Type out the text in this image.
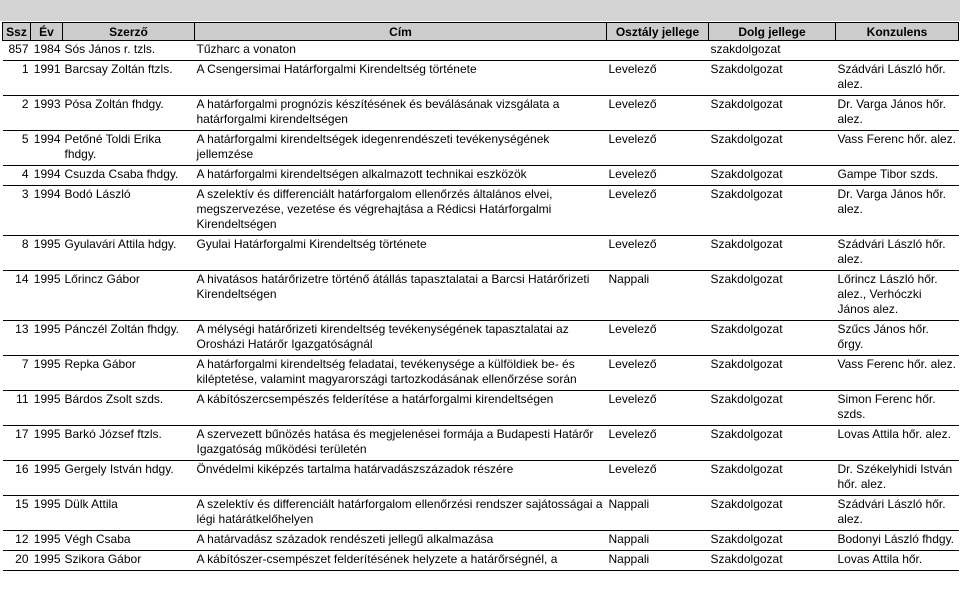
Ssz	Év	Szerző	Cím	Osztály jellege	Dolg jellege	Konzulens
857	1984	Sós János r. tzls.	Tűzharc a vonaton		szakdolgozat	
1	1991	Barcsay Zoltán ftzls.	A Csengersimai Határforgalmi Kirendeltség története	Levelező	Szakdolgozat	Szádvári László hőr. alez.
2	1993	Pósa Zoltán fhdgy.	A határforgalmi prognózis készítésének és beválásának vizsgálata a határforgalmi kirendeltségen	Levelező	Szakdolgozat	Dr. Varga János hőr. alez.
5	1994	Petőné Toldi Erika fhdgy.	A határforgalmi kirendeltségek idegenrendészeti tevékenységének jellemzése	Levelező	Szakdolgozat	Vass Ferenc hőr. alez.
4	1994	Csuzda Csaba fhdgy.	A határforgalmi kirendeltségen alkalmazott technikai eszközök	Levelező	Szakdolgozat	Gampe Tibor szds.
3	1994	Bodó László	A szelektív és differenciált határforgalom ellenőrzés általános elvei, megszervezése, vezetése és végrehajtása a Rédicsi Határforgalmi Kirendeltségen	Levelező	Szakdolgozat	Dr. Varga János hőr. alez.
8	1995	Gyulavári Attila hdgy.	Gyulai Határforgalmi Kirendeltség története	Levelező	Szakdolgozat	Szádvári László hőr. alez.
14	1995	Lőrincz Gábor	A hivatásos határőrizetre történő átállás tapasztalatai a Barcsi Határőrizeti Kirendeltségen	Nappali	Szakdolgozat	Lőrincz László hőr. alez., Verhóczki János alez.
13	1995	Pánczél Zoltán fhdgy.	A mélységi határőrizeti kirendeltség tevékenységének tapasztalatai az Orosházi Határőr Igazgatóságnál	Levelező	Szakdolgozat	Szűcs János hőr. őrgy.
7	1995	Repka Gábor	A határforgalmi kirendeltség feladatai, tevékenysége a külföldiek be- és kiléptetése, valamint magyarországi tartozkodásának ellenőrzése során	Levelező	Szakdolgozat	Vass Ferenc hőr. alez.
11	1995	Bárdos Zsolt szds.	A kábítószercsempészés felderítése a határforgalmi kirendeltségen	Levelező	Szakdolgozat	Simon Ferenc hőr. szds.
17	1995	Barkó József ftzls.	A szervezett bűnözés hatása és megjelenései formája a Budapesti Határőr Igazgatóság működési területén	Levelező	Szakdolgozat	Lovas Attila hőr. alez.
16	1995	Gergely István hdgy.	Önvédelmi kiképzés tartalma határvadászszázadok részére	Levelező	Szakdolgozat	Dr. Székelyhidi István hőr. alez.
15	1995	Dülk Attila	A szelektív és differenciált határforgalom ellenőrzési rendszer sajátosságai a légi határátkelőhelyen	Nappali	Szakdolgozat	Szádvári László hőr. alez.
12	1995	Végh Csaba	A határvadász századok rendészeti jellegű alkalmazása	Nappali	Szakdolgozat	Bodonyi László fhdgy.
20	1995	Szikora Gábor	A kábítószer-csempészet felderítésének helyzete a határőrségnél, a	Nappali	Szakdolgozat	Lovas Attila hőr.
